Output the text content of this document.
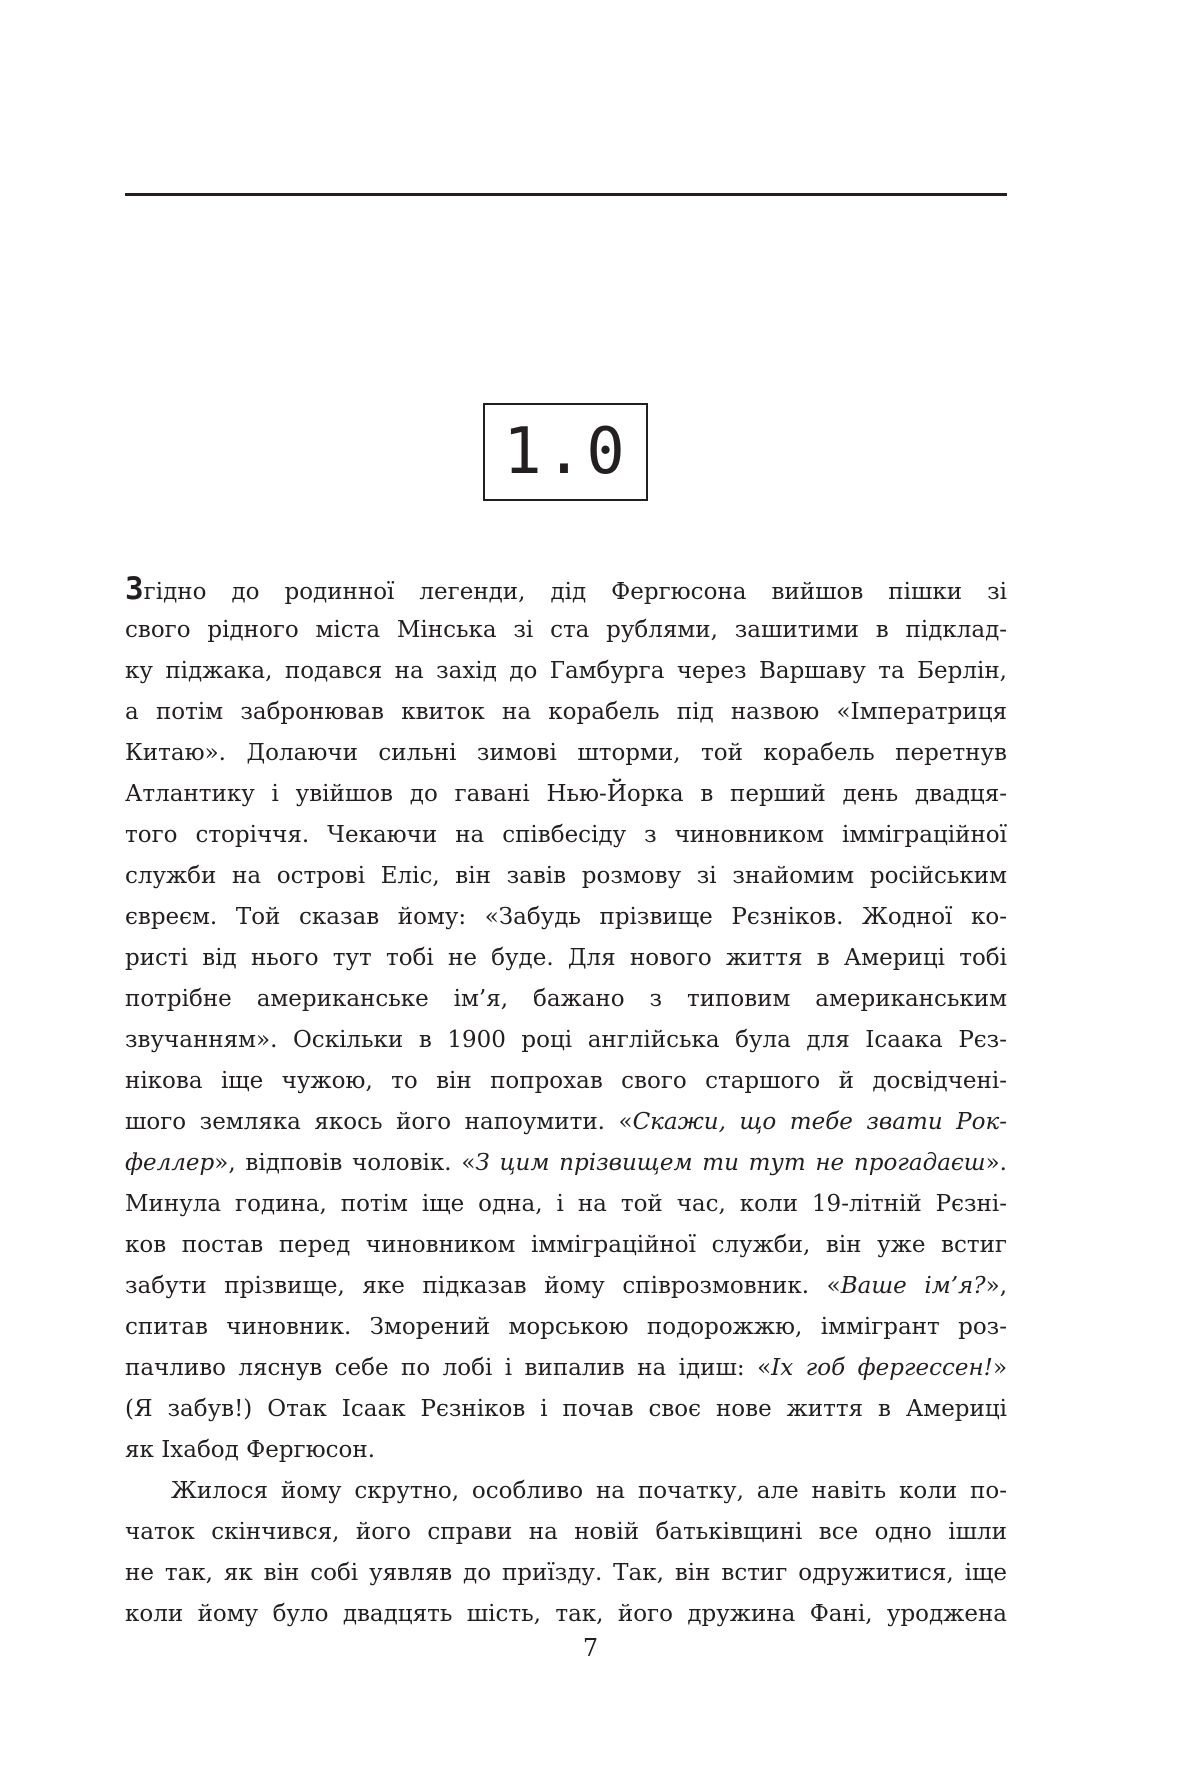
1.0
Згідно до родинної легенди, дід Фергюсона вийшов пішки зі
свого рідного міста Мінська зі ста рублями, зашитими в підклад-
ку піджака, подався на захід до Гамбурга через Варшаву та Берлін,
а потім забронював квиток на корабель під назвою «Імператриця
Китаю». Долаючи сильні зимові шторми, той корабель перетнув
Атлантику і увійшов до гавані Нью-Йорка в перший день двадця-
того сторіччя. Чекаючи на співбесіду з чиновником імміграційної
служби на острові Еліс, він завів розмову зі знайомим російським
євреєм. Той сказав йому: «Забудь прізвище Рєзніков. Жодної ко-
ристі від нього тут тобі не буде. Для нового життя в Америці тобі
потрібне американське ім’я, бажано з типовим американським
звучанням». Оскільки в 1900 році англійська була для Ісаака Рєз-
нікова іще чужою, то він попрохав свого старшого й досвідчені-
шого земляка якось його напоумити. «Скажи, що тебе звати Рок-
феллер», відповів чоловік. «З цим прізвищем ти тут не прогадаєш».
Минула година, потім іще одна, і на той час, коли 19-літній Рєзні-
ков постав перед чиновником імміграційної служби, він уже встиг
забути прізвище, яке підказав йому співрозмовник. «Ваше ім’я?»,
спитав чиновник. Зморений морською подорожжю, іммігрант роз-
пачливо ляснув себе по лобі і випалив на ідиш: «Іх гоб фергессен!»
(Я забув!) Отак Ісаак Рєзніков і почав своє нове життя в Америці
як Іхабод Фергюсон.
Жилося йому скрутно, особливо на початку, але навіть коли по-
чаток скінчився, його справи на новій батьківщині все одно ішли
не так, як він собі уявляв до приїзду. Так, він встиг одружитися, іще
коли йому було двадцять шість, так, його дружина Фані, уроджена
7
